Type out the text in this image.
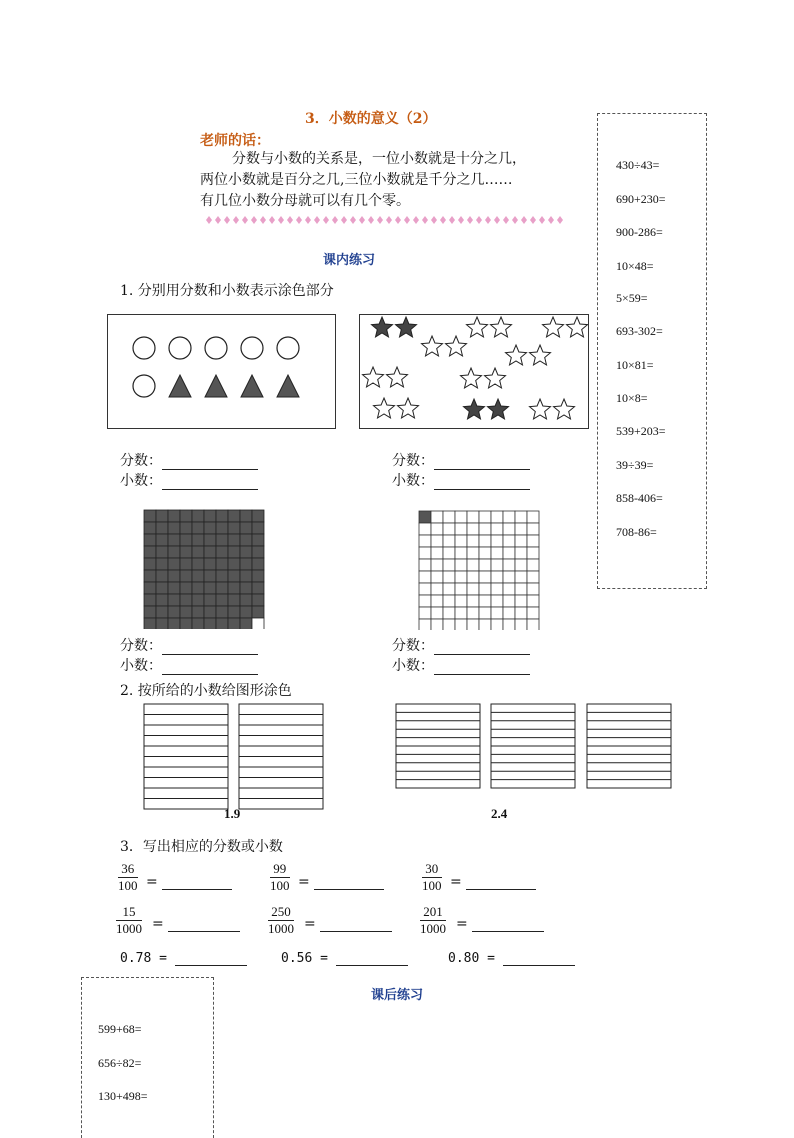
3．小数的意义（2）
老师的话：
分数与小数的关系是，一位小数就是十分之几，
两位小数就是百分之几,三位小数就是千分之几……
有几位小数分母就可以有几个零。
430÷43=
690+230=
900-286=
10×48=
5×59=
693-302=
10×81=
10×8=
539+203=
39÷39=
858-406=
708-86=
课内练习
1. 分别用分数和小数表示涂色部分
分数：
小数：
分数：
小数：
分数：
小数：
分数：
小数：
2. 按所给的小数给图形涂色
1.9	2.4
3．写出相应的分数或小数
$\frac{36}{100}$ =	$\frac{99}{100}$ =	$\frac{30}{100}$ =
$\frac{15}{1000}$ =	$\frac{250}{1000}$ =	$\frac{201}{1000}$ =
0.78 =	0.56 =	0.80 =
课后练习
599+68=
656÷82=
130+498=
